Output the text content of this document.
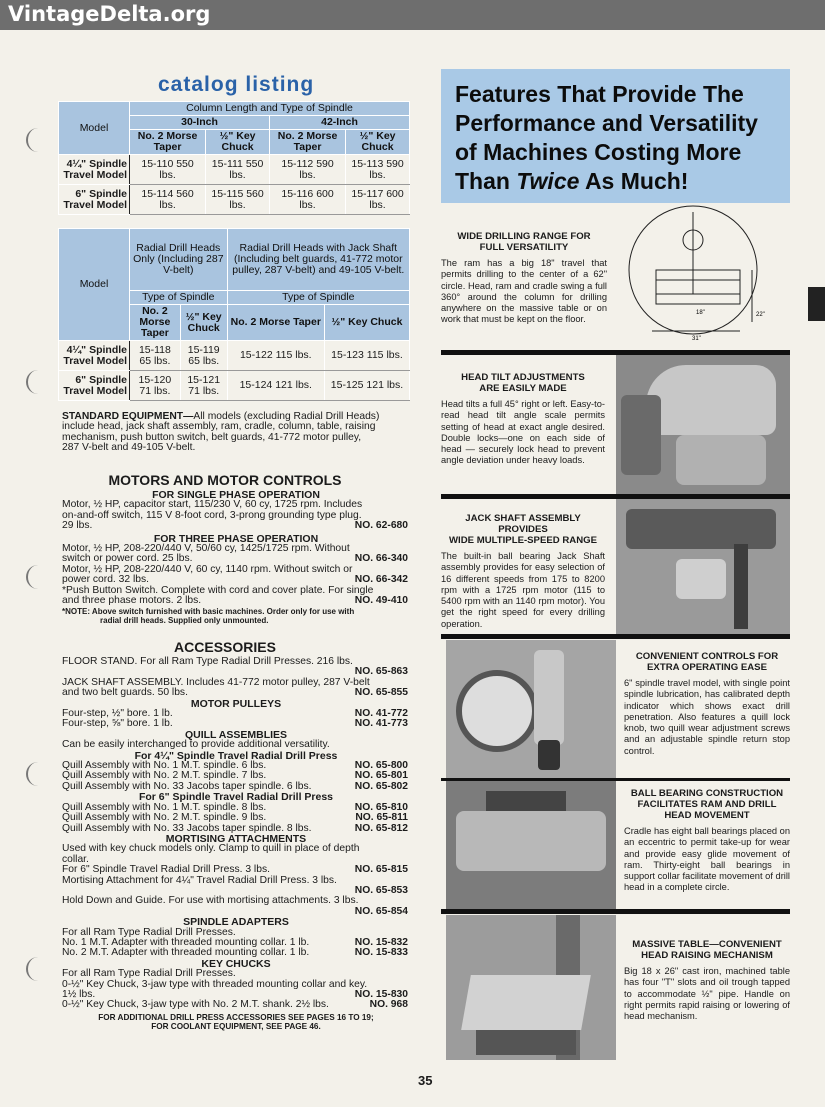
VintageDelta.org
catalog listing
Model	Column Length and Type of Spindle			
	30-Inch		42-Inch	
	No. 2 Morse Taper	½" Key Chuck	No. 2 Morse Taper	½" Key Chuck
4¼" Spindle Travel Model	15-110 550 lbs.	15-111 550 lbs.	15-112 590 lbs.	15-113 590 lbs.
6" Spindle Travel Model	15-114 560 lbs.	15-115 560 lbs.	15-116 600 lbs.	15-117 600 lbs.
Model	Radial Drill Heads Only (Including 287 V-belt)		Radial Drill Heads with Jack Shaft (Including belt guards, 41-772 motor pulley, 287 V-belt) and 49-105 V-belt.	
	Type of Spindle		Type of Spindle	
	No. 2 Morse Taper	½" Key Chuck	No. 2 Morse Taper	½" Key Chuck
4¼" Spindle Travel Model	15-118 65 lbs.	15-119 65 lbs.	15-122 115 lbs.	15-123 115 lbs.
6" Spindle Travel Model	15-120 71 lbs.	15-121 71 lbs.	15-124 121 lbs.	15-125 121 lbs.
STANDARD EQUIPMENT—All models (excluding Radial Drill Heads)
include head, jack shaft assembly, ram, cradle, column, table, raising
mechanism, push button switch, belt guards, 41-772 motor pulley,
287 V-belt and 49-105 V-belt.
MOTORS AND MOTOR CONTROLS
FOR SINGLE PHASE OPERATION
Motor, ½ HP, capacitor start, 115/230 V, 60 cy, 1725 rpm. Includes
on-and-off switch, 115 V 8-foot cord, 3-prong grounding type plug.
29 lbs.	NO. 62-680
FOR THREE PHASE OPERATION
Motor, ½ HP, 208-220/440 V, 50/60 cy, 1425/1725 rpm. Without
switch or power cord. 25 lbs.	NO. 66-340
Motor, ½ HP, 208-220/440 V, 60 cy, 1140 rpm. Without switch or
power cord. 32 lbs.	NO. 66-342
*Push Button Switch. Complete with cord and cover plate. For single
and three phase motors. 2 lbs.	NO. 49-410
*NOTE: Above switch furnished with basic machines. Order only for use with
radial drill heads. Supplied only unmounted.
ACCESSORIES
FLOOR STAND. For all Ram Type Radial Drill Presses. 216 lbs.
NO. 65-863
JACK SHAFT ASSEMBLY. Includes 41-772 motor pulley, 287 V-belt
and two belt guards. 50 lbs.	NO. 65-855
MOTOR PULLEYS
Four-step, ½" bore. 1 lb.	NO. 41-772
Four-step, ⅝" bore. 1 lb.	NO. 41-773
QUILL ASSEMBLIES
Can be easily interchanged to provide additional versatility.
For 4¼" Spindle Travel Radial Drill Press
Quill Assembly with No. 1 M.T. spindle. 6 lbs.	NO. 65-800
Quill Assembly with No. 2 M.T. spindle. 7 lbs.	NO. 65-801
Quill Assembly with No. 33 Jacobs taper spindle. 6 lbs.	NO. 65-802
For 6" Spindle Travel Radial Drill Press
Quill Assembly with No. 1 M.T. spindle. 8 lbs.	NO. 65-810
Quill Assembly with No. 2 M.T. spindle. 9 lbs.	NO. 65-811
Quill Assembly with No. 33 Jacobs taper spindle. 8 lbs.	NO. 65-812
MORTISING ATTACHMENTS
Used with key chuck models only. Clamp to quill in place of depth
collar.
For 6" Spindle Travel Radial Drill Press. 3 lbs.	NO. 65-815
Mortising Attachment for 4¼" Travel Radial Drill Press. 3 lbs.
NO. 65-853
Hold Down and Guide. For use with mortising attachments. 3 lbs.
NO. 65-854
SPINDLE ADAPTERS
For all Ram Type Radial Drill Presses.
No. 1 M.T. Adapter with threaded mounting collar. 1 lb.	NO. 15-832
No. 2 M.T. Adapter with threaded mounting collar. 1 lb.	NO. 15-833
KEY CHUCKS
For all Ram Type Radial Drill Presses.
0-½" Key Chuck, 3-jaw type with threaded mounting collar and key.
1½ lbs.	NO. 15-830
0-½" Key Chuck, 3-jaw type with No. 2 M.T. shank. 2½ lbs.	NO. 968
FOR ADDITIONAL DRILL PRESS ACCESSORIES SEE PAGES 16 TO 19;
FOR COOLANT EQUIPMENT, SEE PAGE 46.
Features That Provide The
Performance and Versatility
of Machines Costing More
Than Twice As Much!
WIDE DRILLING RANGE FOR
FULL VERSATILITY
The ram has a big 18" travel that permits drilling to the center of a 62" circle. Head, ram and cradle swing a full 360° around the column for drilling anywhere on the massive table or on work that must be kept on the floor.
18"	22"
31"
HEAD TILT ADJUSTMENTS
ARE EASILY MADE
Head tilts a full 45° right or left. Easy-to-read head tilt angle scale permits setting of head at exact angle desired. Double locks—one on each side of head — securely lock head to prevent angle deviation under heavy loads.
JACK SHAFT ASSEMBLY PROVIDES
WIDE MULTIPLE-SPEED RANGE
The built-in ball bearing Jack Shaft assembly provides for easy selection of 16 different speeds from 175 to 8200 rpm with a 1725 rpm motor (115 to 5400 rpm with an 1140 rpm motor). You get the right speed for every drilling operation.
CONVENIENT CONTROLS FOR
EXTRA OPERATING EASE
6" spindle travel model, with single point spindle lubrication, has calibrated depth indicator which shows exact drill penetration. Also features a quill lock knob, two quill wear adjustment screws and an adjustable spindle return stop control.
BALL BEARING CONSTRUCTION
FACILITATES RAM AND DRILL
HEAD MOVEMENT
Cradle has eight ball bearings placed on an eccentric to permit take-up for wear and provide easy glide movement of ram. Thirty-eight ball bearings in support collar facilitate movement of drill head in a complete circle.
MASSIVE TABLE—CONVENIENT
HEAD RAISING MECHANISM
Big 18 x 26" cast iron, machined table has four "T" slots and oil trough tapped to accommodate ½" pipe. Handle on right permits rapid raising or lowering of head mechanism.
35
